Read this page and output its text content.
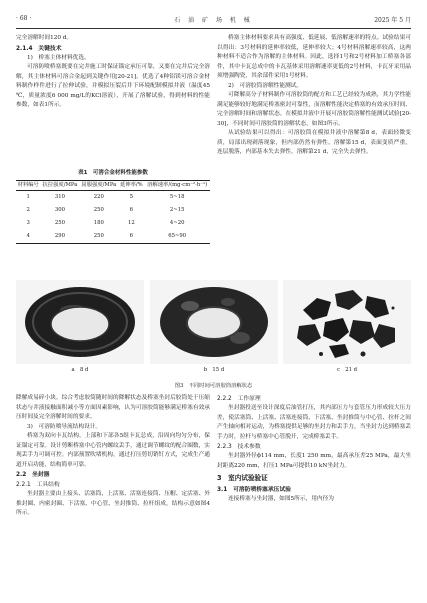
· 68 ·	石 油 矿 场 机 械	2025 年 5 月

完全溶解时间120 d。

2.1.4　关键技术

1)　桥塞主体材料优选。

可溶防喷桥塞既要在完井施工时保证锚定承压可靠，又要在完井后完全溶解，其主体材料可溶合金起到关键作用[20-21]。优选了4种铝镁可溶合金材料制作样件进行了拉伸试验，并模拟压裂后井下环境配制模拟井液（温度45 ℃，质量浓度6 000 mg/L的KCl溶液），开展了溶解试验，得到材料的性能参数，如表1所示。

表1　可溶合金材料性能参数
材料编号	抗拉强度/MPa	屈服强度/MPa	延伸率/%	溶解速率/(mg·cm⁻²·h⁻¹)
1	310	220	5	5~18
2	300	250	6	2~15
3	250	180	12	4~20
4	290	250	6	65~90

桥塞主体材料要求具有高强度、低延展、低溶解速率的特点。试验结果可以得出：3号材料的延伸率较低，延伸率较大；4号材料溶解速率较高，这两种材料不适合作为溶解的主体材料。因此，选择1号和2号材料加工桥塞各部件，其中卡瓦总成中的卡瓦基体采用溶解速率更低的2号材料，卡瓦牙采用晶须增强陶瓷，其余部件采用1号材料。

2)　可溶胶筒溶解性能测试。

可降解高分子材料制作可溶胶筒的配方和工艺已经较为成熟，其力学性能满足能够较好地满足桥塞密封可靠性，而溶解性能决定桥塞的有效承压时间、完全溶解时间和溶解状态。在模拟井液中开展可溶胶筒溶解性能测试试验[20-30]，不同时间可溶胶筒的溶解状态，如图3所示。

从试验结果可以得出：可溶胶筒在模拟井液中溶解第8 d，表面轻微变质，局部出现剥落现象，但内部仍然有弹性。溶解第15 d，表面变质严重，连层脱落，内部基本失去弹性。溶解第21 d，完全失去弹性。

a　8 d	b　15 d	c　21 d
图3　不同时间可溶胶筒溶解状态

降解成易碎小块。综合考虑胶筒随时间的降解状态及桥塞坐封后胶筒处于压缩状态与井液接触面积减小等方面因素影响，认为可溶胶筒能够满足桥塞有效承压时间及完全溶解时间的要求。

3)　可溶防喷导流结构设计。

桥塞为双向卡瓦结构，上部和下部各5组卡瓦总成，沿周向均匀分布，保证锚定可靠。设计剪断桥塞中心管内螺纹丢手，通过调节螺纹的配合圈数，实现丢手力可调可控。内部预置吹堵机构，通过打压剪切销钉方式，完成生产通道开启功能，结构简单可靠。

2.2　坐封器
2.2.1　工具结构

坐封器主要由上接头、活塞筒、上活塞、活塞连接筒、压帽、定活塞、外推封圈、内密封圈、下活塞、中心管、坐封推筒、拉杆组成，结构示意如图4所示。

2.2.2　工作原理

坐封器投送至设计深度后油管打压，其内部压力与套管压力形成较大压力差，使活塞筒、上活塞、活塞连接筒、下活塞、坐封推筒与中心管、拉杆之间产生轴向相对运动，为桥塞提供足够的坐封力和丢手力，当坐封力达到桥塞丢手力时，拉杆与桥塞中心管脱开，完成桥塞丢手。

2.2.3　技术参数

坐封器外径ϕ114 mm，长度1 250 mm，最高承压差25 MPa，最大坐封距离220 mm，打压1 MPa可提供10 kN坐封力。

3　室内试验验证
3.1　可溶防喷桥塞承压试验

连接桥塞与坐封器，如图5所示，用内径为
